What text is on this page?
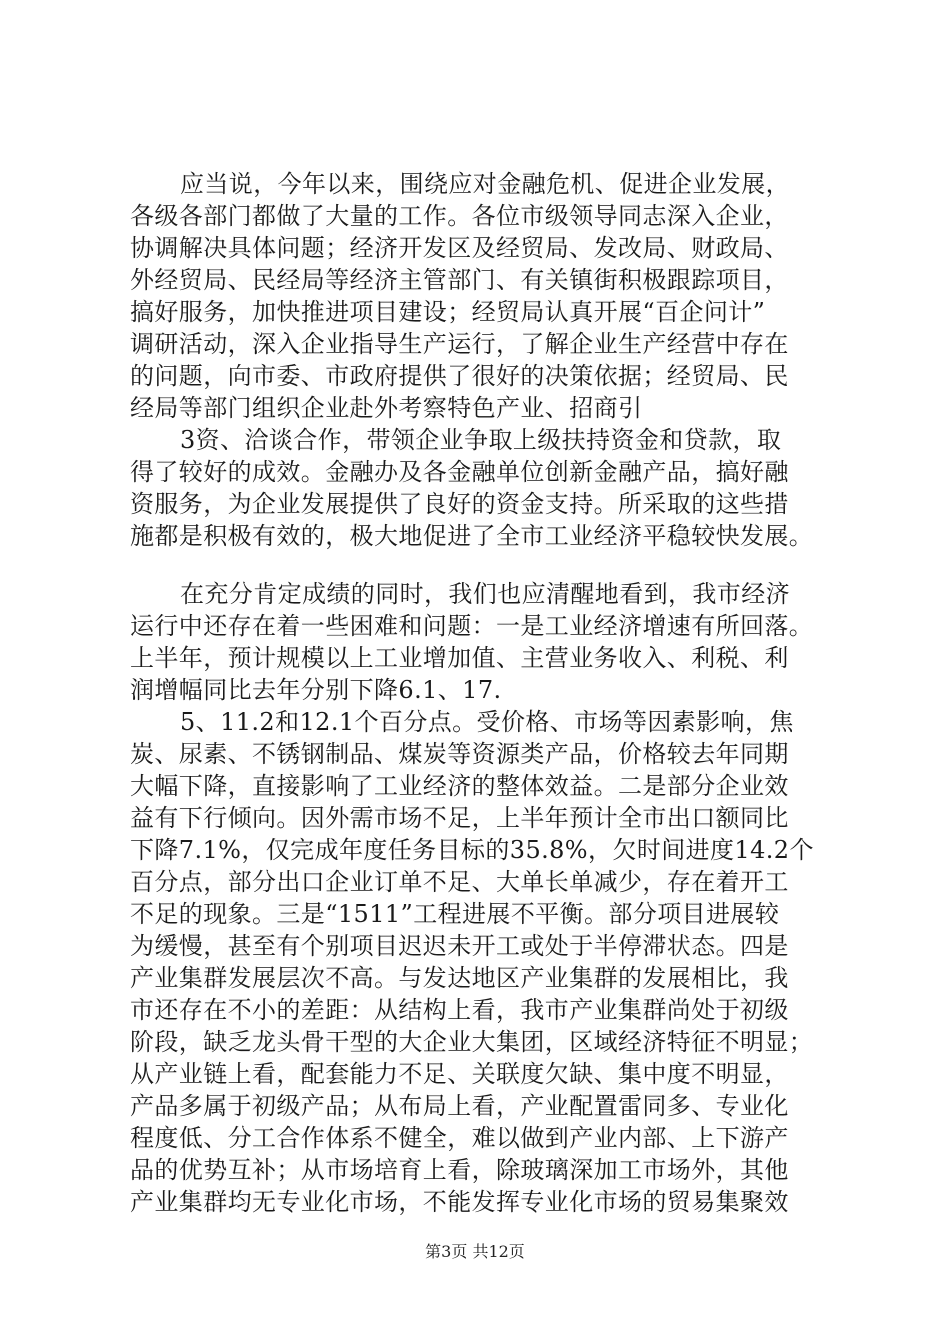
应当说，今年以来，围绕应对金融危机、促进企业发展，
各级各部门都做了大量的工作。各位市级领导同志深入企业，
协调解决具体问题；经济开发区及经贸局、发改局、财政局、
外经贸局、民经局等经济主管部门、有关镇街积极跟踪项目，
搞好服务，加快推进项目建设；经贸局认真开展“百企问计”
调研活动，深入企业指导生产运行，了解企业生产经营中存在
的问题，向市委、市政府提供了很好的决策依据；经贸局、民
经局等部门组织企业赴外考察特色产业、招商引
3资、洽谈合作，带领企业争取上级扶持资金和贷款，取
得了较好的成效。金融办及各金融单位创新金融产品，搞好融
资服务，为企业发展提供了良好的资金支持。所采取的这些措
施都是积极有效的，极大地促进了全市工业经济平稳较快发展。
在充分肯定成绩的同时，我们也应清醒地看到，我市经济
运行中还存在着一些困难和问题：一是工业经济增速有所回落。
上半年，预计规模以上工业增加值、主营业务收入、利税、利
润增幅同比去年分别下降6.1、17.
5、11.2和12.1个百分点。受价格、市场等因素影响，焦
炭、尿素、不锈钢制品、煤炭等资源类产品，价格较去年同期
大幅下降，直接影响了工业经济的整体效益。二是部分企业效
益有下行倾向。因外需市场不足，上半年预计全市出口额同比
下降7.1%，仅完成年度任务目标的35.8%，欠时间进度14.2个
百分点，部分出口企业订单不足、大单长单减少，存在着开工
不足的现象。三是“1511”工程进展不平衡。部分项目进展较
为缓慢，甚至有个别项目迟迟未开工或处于半停滞状态。四是
产业集群发展层次不高。与发达地区产业集群的发展相比，我
市还存在不小的差距：从结构上看，我市产业集群尚处于初级
阶段，缺乏龙头骨干型的大企业大集团，区域经济特征不明显；
从产业链上看，配套能力不足、关联度欠缺、集中度不明显，
产品多属于初级产品；从布局上看，产业配置雷同多、专业化
程度低、分工合作体系不健全，难以做到产业内部、上下游产
品的优势互补；从市场培育上看，除玻璃深加工市场外，其他
产业集群均无专业化市场，不能发挥专业化市场的贸易集聚效
第3页 共12页
